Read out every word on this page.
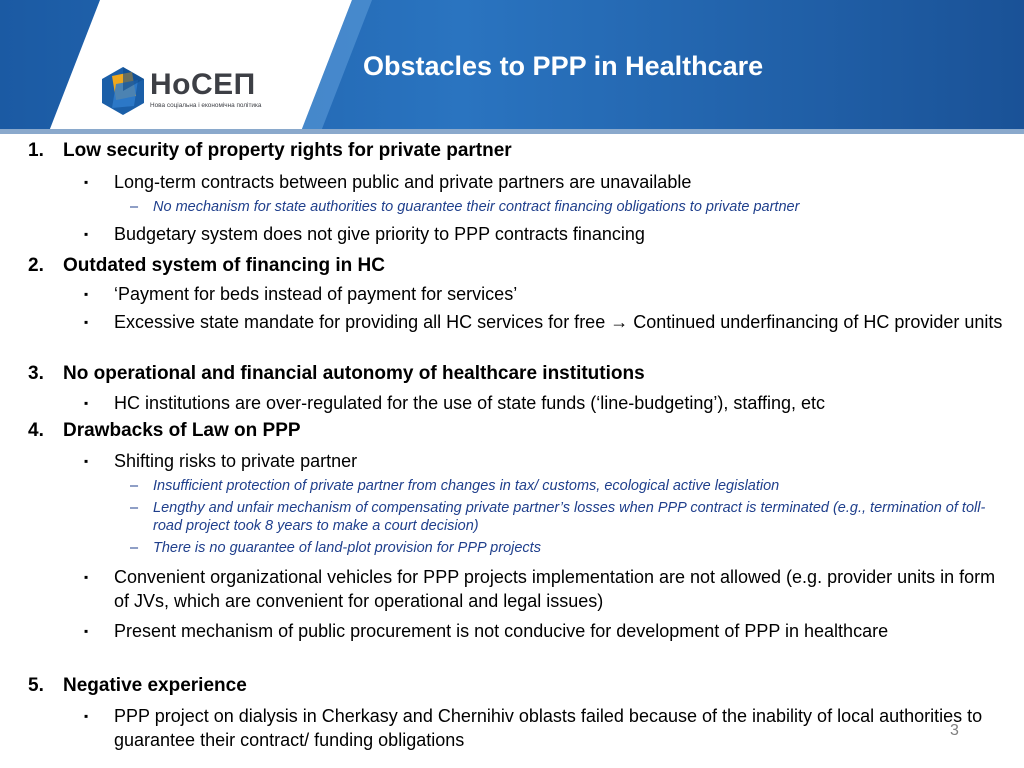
НоСЕП
Нова соціальна і економічна політика
Obstacles to PPP in Healthcare
1. Low security of property rights for private partner
▪ Long-term contracts between public and private partners are unavailable
– No mechanism for state authorities to guarantee their contract financing obligations to private partner
▪ Budgetary system does not give priority to PPP contracts financing
2. Outdated system of financing in HC
▪ ‘Payment for beds instead of payment for services’
▪ Excessive state mandate for providing all HC services for free → Continued underfinancing of HC provider units
3. No operational and financial autonomy of healthcare institutions
▪ HC institutions are over-regulated for the use of state funds (‘line-budgeting’), staffing, etc
4. Drawbacks of Law on PPP
▪ Shifting risks to private partner
– Insufficient protection of private partner from changes in tax/ customs, ecological active legislation
– Lengthy and unfair mechanism of compensating private partner’s losses when PPP contract is terminated (e.g., termination of toll-road project took 8 years to make a court decision)
– There is no guarantee of land-plot provision for PPP projects
▪ Convenient organizational vehicles for PPP projects implementation are not allowed (e.g. provider units in form of JVs, which are convenient for operational and legal issues)
▪ Present mechanism of public procurement is not conducive for development of PPP in healthcare
5. Negative experience
▪ PPP project on dialysis in Cherkasy and Chernihiv oblasts failed because of the inability of local authorities to guarantee their contract/ funding obligations	3
